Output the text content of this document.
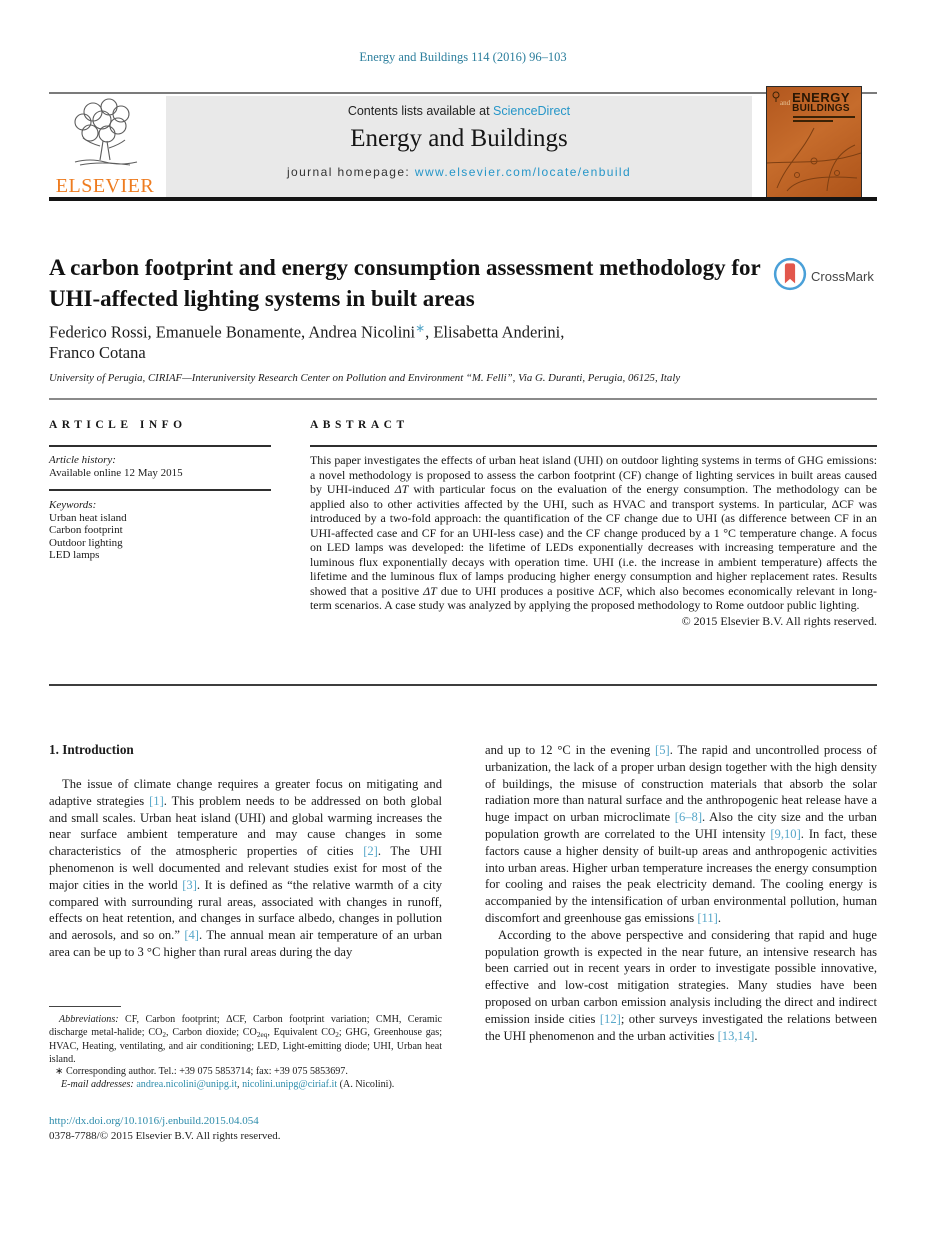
Energy and Buildings 114 (2016) 96–103
ELSEVIER
Contents lists available at ScienceDirect
Energy and Buildings
journal homepage: www.elsevier.com/locate/enbuild
and ENERGY
BUILDINGS
A carbon footprint and energy consumption assessment methodology for UHI-affected lighting systems in built areas
CrossMark
Federico Rossi, Emanuele Bonamente, Andrea Nicolini∗, Elisabetta Anderini,
Franco Cotana
University of Perugia, CIRIAF—Interuniversity Research Center on Pollution and Environment “M. Felli”, Via G. Duranti, Perugia, 06125, Italy
ARTICLE INFO
Article history:
Available online 12 May 2015
Keywords:
Urban heat island
Carbon footprint
Outdoor lighting
LED lamps
ABSTRACT

This paper investigates the effects of urban heat island (UHI) on outdoor lighting systems in terms of GHG emissions: a novel methodology is proposed to assess the carbon footprint (CF) change of lighting services in built areas caused by UHI-induced ΔT with particular focus on the evaluation of the energy consumption. The methodology can be applied also to other activities affected by the UHI, such as HVAC and transport systems. In particular, ΔCF was introduced by a two-fold approach: the quantification of the CF change due to UHI (as difference between CF in an UHI-affected case and CF for an UHI-less case) and the CF change produced by a 1 °C temperature change. A focus on LED lamps was developed: the lifetime of LEDs exponentially decreases with increasing temperature and the luminous flux exponentially decays with operation time. UHI (i.e. the increase in ambient temperature) affects the lifetime and the luminous flux of lamps producing higher energy consumption and higher replacement rates. Results showed that a positive ΔT due to UHI produces a positive ΔCF, which also becomes economically relevant in long-term scenarios. A case study was analyzed by applying the proposed methodology to Rome outdoor public lighting.

© 2015 Elsevier B.V. All rights reserved.
1. Introduction

The issue of climate change requires a greater focus on mitigating and adaptive strategies [1]. This problem needs to be addressed on both global and small scales. Urban heat island (UHI) and global warming increases the near surface ambient temperature and may cause changes in some characteristics of the atmospheric properties of cities [2]. The UHI phenomenon is well documented and relevant studies exist for most of the major cities in the world [3]. It is defined as “the relative warmth of a city compared with surrounding rural areas, associated with changes in runoff, effects on heat retention, and changes in surface albedo, changes in pollution and aerosols, and so on.” [4]. The annual mean air temperature of an urban area can be up to 3 °C higher than rural areas during the day

and up to 12 °C in the evening [5]. The rapid and uncontrolled process of urbanization, the lack of a proper urban design together with the high density of buildings, the misuse of construction materials that absorb the solar radiation more than natural surface and the anthropogenic heat release have a huge impact on urban microclimate [6–8]. Also the city size and the urban population growth are correlated to the UHI intensity [9,10]. In fact, these factors cause a higher density of built-up areas and anthropogenic activities into urban areas. Higher urban temperature increases the energy consumption for cooling and raises the peak electricity demand. The cooling energy is accompanied by the intensification of urban environmental pollution, human discomfort and greenhouse gas emissions [11].

According to the above perspective and considering that rapid and huge population growth is expected in the near future, an intensive research has been carried out in recent years in order to investigate possible innovative, effective and low-cost mitigation strategies. Many studies have been proposed on urban carbon emission analysis including the direct and indirect emission inside cities [12]; other surveys investigated the relations between the UHI phenomenon and the urban activities [13,14].

Abbreviations: CF, Carbon footprint; ΔCF, Carbon footprint variation; CMH, Ceramic discharge metal-halide; CO2, Carbon dioxide; CO2eq, Equivalent CO2; GHG, Greenhouse gas; HVAC, Heating, ventilating, and air conditioning; LED, Light-emitting diode; UHI, Urban heat island.

∗ Corresponding author. Tel.: +39 075 5853714; fax: +39 075 5853697.

E-mail addresses: andrea.nicolini@unipg.it, nicolini.unipg@ciriaf.it (A. Nicolini).

http://dx.doi.org/10.1016/j.enbuild.2015.04.054
0378-7788/© 2015 Elsevier B.V. All rights reserved.
